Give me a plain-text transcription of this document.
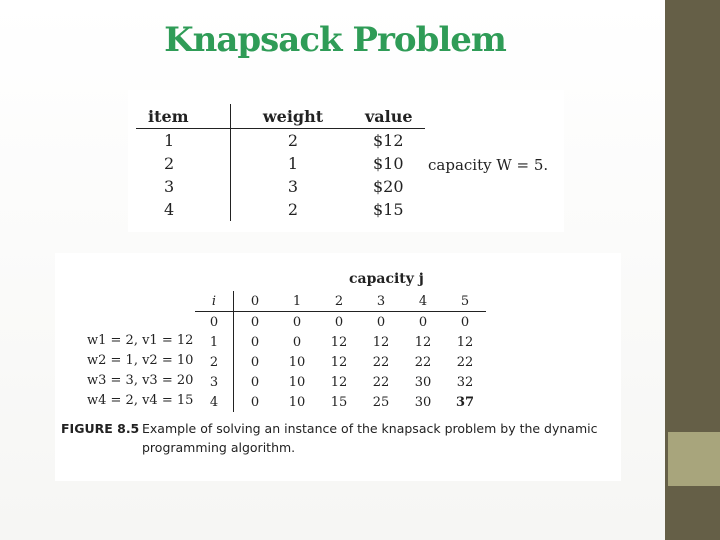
Knapsack Problem
item	weight	value
1	2	$12
2	1	$10
3	3	$20
4	2	$15
capacity W = 5.
capacity j
w1 = 2, v1 = 12
w2 = 1, v2 = 10
w3 = 3, v3 = 20
w4 = 2, v4 = 15
i	0	1	2	3	4	5
0	0	0	0	0	0	0
1	0	0	12	12	12	12
2	0	10	12	22	22	22
3	0	10	12	22	30	32
4	0	10	15	25	30	37
FIGURE 8.5 Example of solving an instance of the knapsack problem by the dynamic
programming algorithm.
